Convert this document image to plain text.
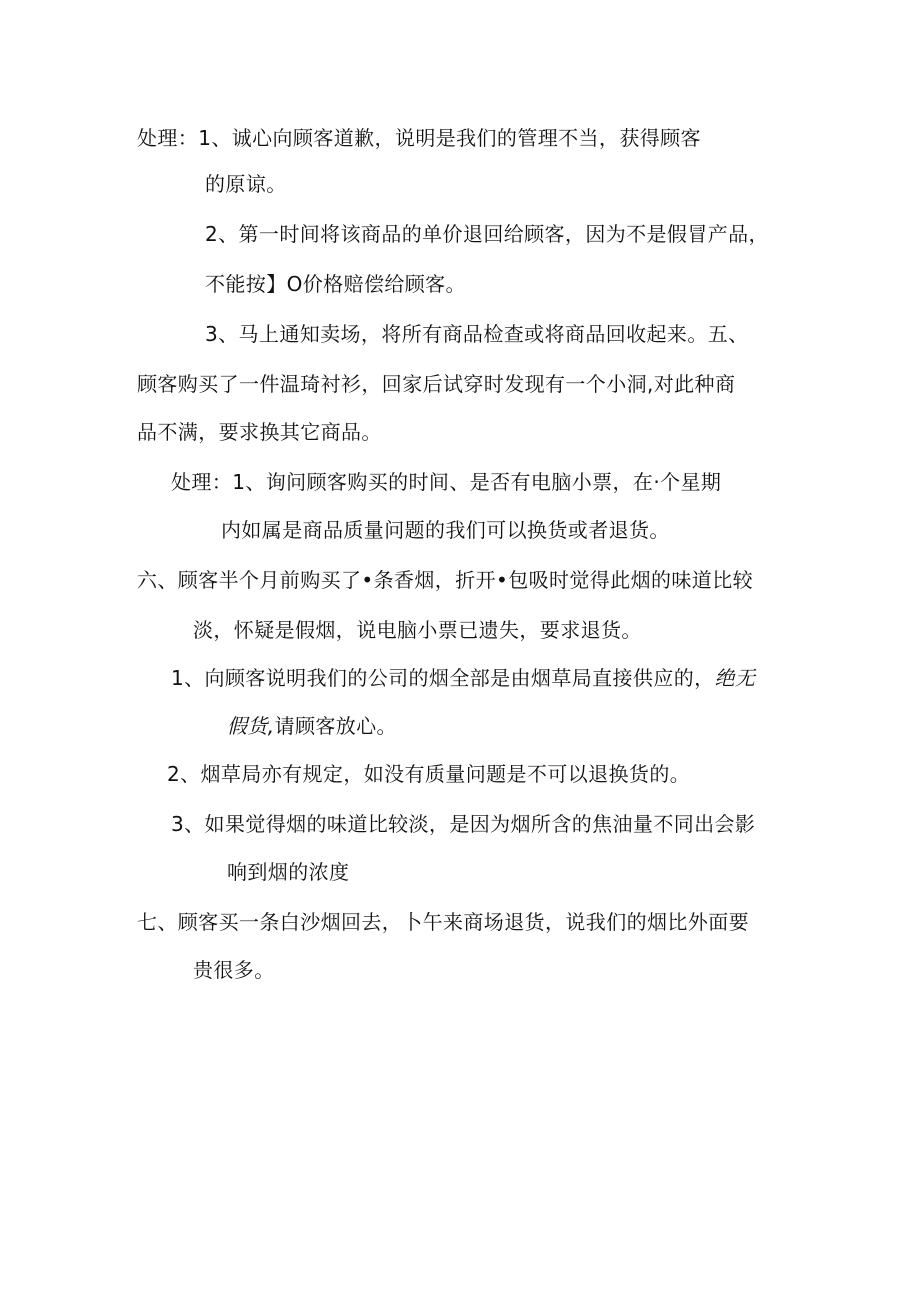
处理：1、诚心向顾客道歉，说明是我们的管理不当，获得顾客
的原谅。
2、第一时间将该商品的单价退回给顾客，因为不是假冒产品，
不能按】O价格赔偿给顾客。
3、马上通知卖场，将所有商品检查或将商品回收起来。五、
顾客购买了一件温琦衬衫，回家后试穿时发现有一个小洞,对此种商
品不满，要求换其它商品。
处理：1、询问顾客购买的时间、是否有电脑小票，在·个星期
内如属是商品质量问题的我们可以换货或者退货。
六、顾客半个月前购买了•条香烟，折开•包吸时觉得此烟的味道比较
淡，怀疑是假烟，说电脑小票已遗失，要求退货。
1、向顾客说明我们的公司的烟全部是由烟草局直接供应的，绝无
假货,请顾客放心。
2、烟草局亦有规定，如没有质量问题是不可以退换货的。
3、如果觉得烟的味道比较淡，是因为烟所含的焦油量不同出会影
响到烟的浓度
七、顾客买一条白沙烟回去，卜午来商场退货，说我们的烟比外面要
贵很多。
